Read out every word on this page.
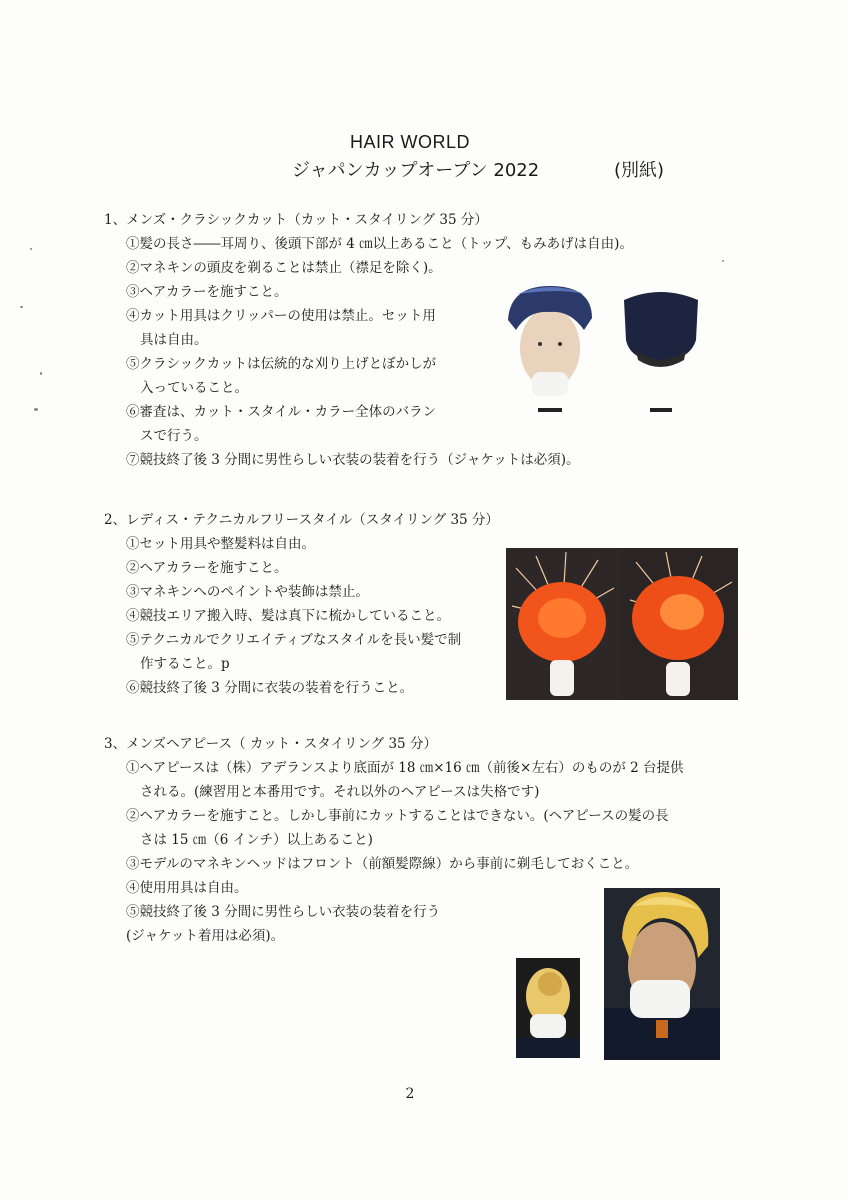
HAIR WORLD
ジャパンカップオープン 2022	(別紙)
1、メンズ・クラシックカット（カット・スタイリング 35 分）
①髪の長さ――耳周り、後頭下部が 4 ㎝以上あること（トップ、もみあげは自由)。
②マネキンの頭皮を剃ることは禁止（襟足を除く)。
③ヘアカラーを施すこと。
④カット用具はクリッパーの使用は禁止。セット用
具は自由。
⑤クラシックカットは伝統的な刈り上げとぼかしが
入っていること。
⑥審査は、カット・スタイル・カラー全体のバラン
スで行う。
⑦競技終了後 3 分間に男性らしい衣装の装着を行う（ジャケットは必須)。
2、レディス・テクニカルフリースタイル（スタイリング 35 分）
①セット用具や整髪料は自由。
②ヘアカラーを施すこと。
③マネキンへのペイントや装飾は禁止。
④競技エリア搬入時、髪は真下に梳かしていること。
⑤テクニカルでクリエイティブなスタイルを長い髪で制
作すること。p
⑥競技終了後 3 分間に衣装の装着を行うこと。
3、メンズヘアピース（ カット・スタイリング 35 分）
①ヘアピースは（株）アデランスより底面が 18 ㎝×16 ㎝（前後×左右）のものが 2 台提供
される。(練習用と本番用です。それ以外のヘアピースは失格です)
②ヘアカラーを施すこと。しかし事前にカットすることはできない。(ヘアピースの髪の長
さは 15 ㎝（6 インチ）以上あること)
③モデルのマネキンヘッドはフロント（前額髪際線）から事前に剃毛しておくこと。
④使用用具は自由。
⑤競技終了後 3 分間に男性らしい衣装の装着を行う
(ジャケット着用は必須)。
2
